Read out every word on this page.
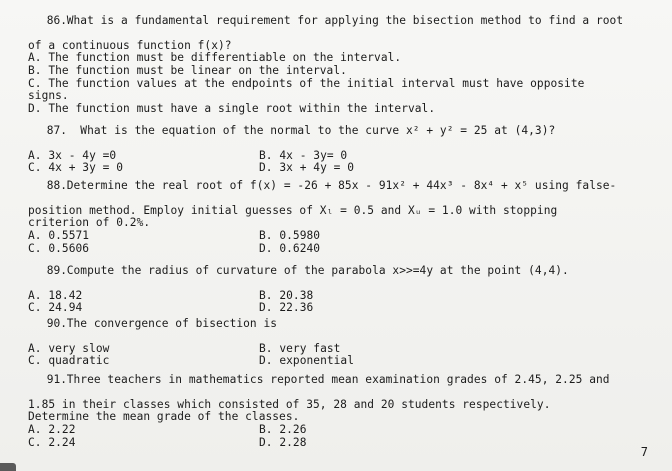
86.What is a fundamental requirement for applying the bisection method to find a root

of a continuous function f(x)?
A. The function must be differentiable on the interval.
B. The function must be linear on the interval.
C. The function values at the endpoints of the initial interval must have opposite
signs.
D. The function must have a single root within the interval.

87. What is the equation of the normal to the curve x² + y² = 25 at (4,3)?

A. 3x - 4y =0	B. 4x - 3y= 0
C. 4x + 3y = 0	D. 3x + 4y = 0

88.Determine the real root of f(x) = -26 + 85x - 91x² + 44x³ - 8x⁴ + x⁵ using false-

position method. Employ initial guesses of Xₗ = 0.5 and Xᵤ = 1.0 with stopping
criterion of 0.2%.
A. 0.5571	B. 0.5980
C. 0.5606	D. 0.6240

89.Compute the radius of curvature of the parabola x>>=4y at the point (4,4).

A. 18.42	B. 20.38
C. 24.94	D. 22.36

90.The convergence of bisection is

A. very slow	B. very fast
C. quadratic	D. exponential

91.Three teachers in mathematics reported mean examination grades of 2.45, 2.25 and

1.85 in their classes which consisted of 35, 28 and 20 students respectively.
Determine the mean grade of the classes.
A. 2.22	B. 2.26
C. 2.24	D. 2.28
7
